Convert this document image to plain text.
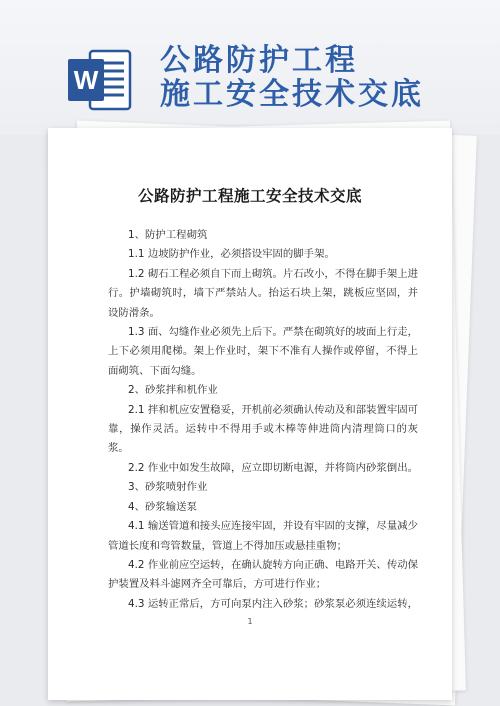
W
公路防护工程
施工安全技术交底
公路防护工程施工安全技术交底

1、防护工程砌筑

1.1 边坡防护作业，必须搭设牢固的脚手架。

1.2 砌石工程必须自下而上砌筑。片石改小，不得在脚手架上进行。护墙砌筑时，墙下严禁站人。抬运石块上架，跳板应坚固，并设防滑条。

1.3 面、勾缝作业必须先上后下。严禁在砌筑好的坡面上行走，上下必须用爬梯。架上作业时，架下不准有人操作或停留，不得上面砌筑、下面勾缝。

2、砂浆拌和机作业

2.1 拌和机应安置稳妥，开机前必须确认传动及和部装置牢固可靠，操作灵活。运转中不得用手或木棒等伸进筒内清理筒口的灰浆。

2.2 作业中如发生故障，应立即切断电源，并将筒内砂浆倒出。

3、砂浆喷射作业

4、砂浆输送泵

4.1 输送管道和接头应连接牢固，并设有牢固的支撑，尽量减少管道长度和弯管数量，管道上不得加压或悬挂重物；

4.2 作业前应空运转，在确认旋转方向正确、电路开关、传动保护装置及料斗滤网齐全可靠后，方可进行作业；

4.3 运转正常后，方可向泵内注入砂浆；砂浆泵必须连续运转，

1
